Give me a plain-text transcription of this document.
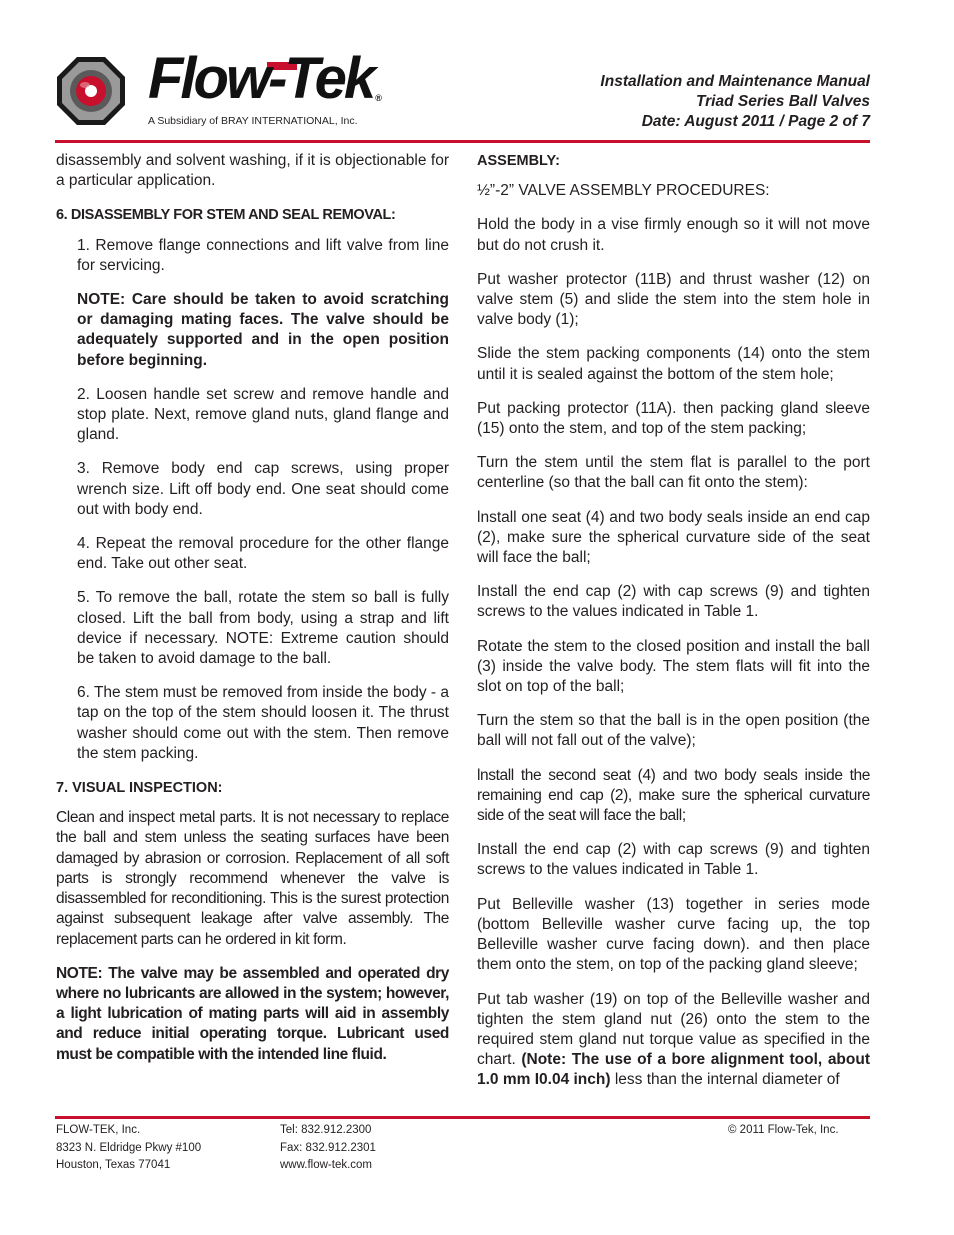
Flow-Tek ®
A Subsidiary of BRAY INTERNATIONAL, Inc.
Installation and Maintenance Manual
Triad Series Ball Valves
Date: August 2011 / Page 2 of 7

disassembly and solvent washing, if it is objectionable for a particular application.

6. DISASSEMBLY FOR STEM AND SEAL REMOVAL:

1. Remove flange connections and lift valve from line for servicing.

NOTE: Care should be taken to avoid scratching or damaging mating faces. The valve should be adequately supported and in the open position before beginning.

2. Loosen handle set screw and remove handle and stop plate. Next, remove gland nuts, gland flange and gland.

3. Remove body end cap screws, using proper wrench size. Lift off body end. One seat should come out with body end.

4. Repeat the removal procedure for the other flange end. Take out other seat.

5. To remove the ball, rotate the stem so ball is fully closed. Lift the ball from body, using a strap and lift device if necessary. NOTE: Extreme caution should be taken to avoid damage to the ball.

6. The stem must be removed from inside the body - a tap on the top of the stem should loosen it. The thrust washer should come out with the stem. Then remove the stem packing.

7. VISUAL INSPECTION:

Clean and inspect metal parts. It is not necessary to replace the ball and stem unless the seating surfaces have been damaged by abrasion or corrosion. Replacement of all soft parts is strongly recommend whenever the valve is disassembled for reconditioning. This is the surest protection against subsequent leakage after valve assembly. The replacement parts can he ordered in kit form.

NOTE: The valve may be assembled and operated dry where no lubricants are allowed in the system; however, a light lubrication of mating parts will aid in assembly and reduce initial operating torque. Lubricant used must be compatible with the intended line fluid.

ASSEMBLY:

½”-2” VALVE ASSEMBLY PROCEDURES:

Hold the body in a vise firmly enough so it will not move but do not crush it.

Put washer protector (11B) and thrust washer (12) on valve stem (5) and slide the stem into the stem hole in valve body (1);

Slide the stem packing components (14) onto the stem until it is sealed against the bottom of the stem hole;

Put packing protector (11A). then packing gland sleeve (15) onto the stem, and top of the stem packing;

Turn the stem until the stem flat is parallel to the port centerline (so that the ball can fit onto the stem):

lnstall one seat (4) and two body seals inside an end cap (2), make sure the spherical curvature side of the seat will face the ball;

Install the end cap (2) with cap screws (9) and tighten screws to the values indicated in Table 1.

Rotate the stem to the closed position and install the ball (3) inside the valve body. The stem flats will fit into the slot on top of the ball;

Turn the stem so that the ball is in the open position (the ball will not fall out of the valve);

lnstall the second seat (4) and two body seals inside the remaining end cap (2), make sure the spherical curvature side of the seat will face the ball;

Install the end cap (2) with cap screws (9) and tighten screws to the values indicated in Table 1.

Put Belleville washer (13) together in series mode (bottom Belleville washer curve facing up, the top Belleville washer curve facing down). and then place them onto the stem, on top of the packing gland sleeve;

Put tab washer (19) on top of the Belleville washer and tighten the stem gland nut (26) onto the stem to the required stem gland nut torque value as specified in the chart. (Note: The use of a bore alignment tool, about 1.0 mm I0.04 inch) less than the internal diameter of

FLOW-TEK, Inc.
8323 N. Eldridge Pkwy #100
Houston, Texas 77041
Tel: 832.912.2300
Fax: 832.912.2301
www.flow-tek.com
© 2011 Flow-Tek, Inc.
